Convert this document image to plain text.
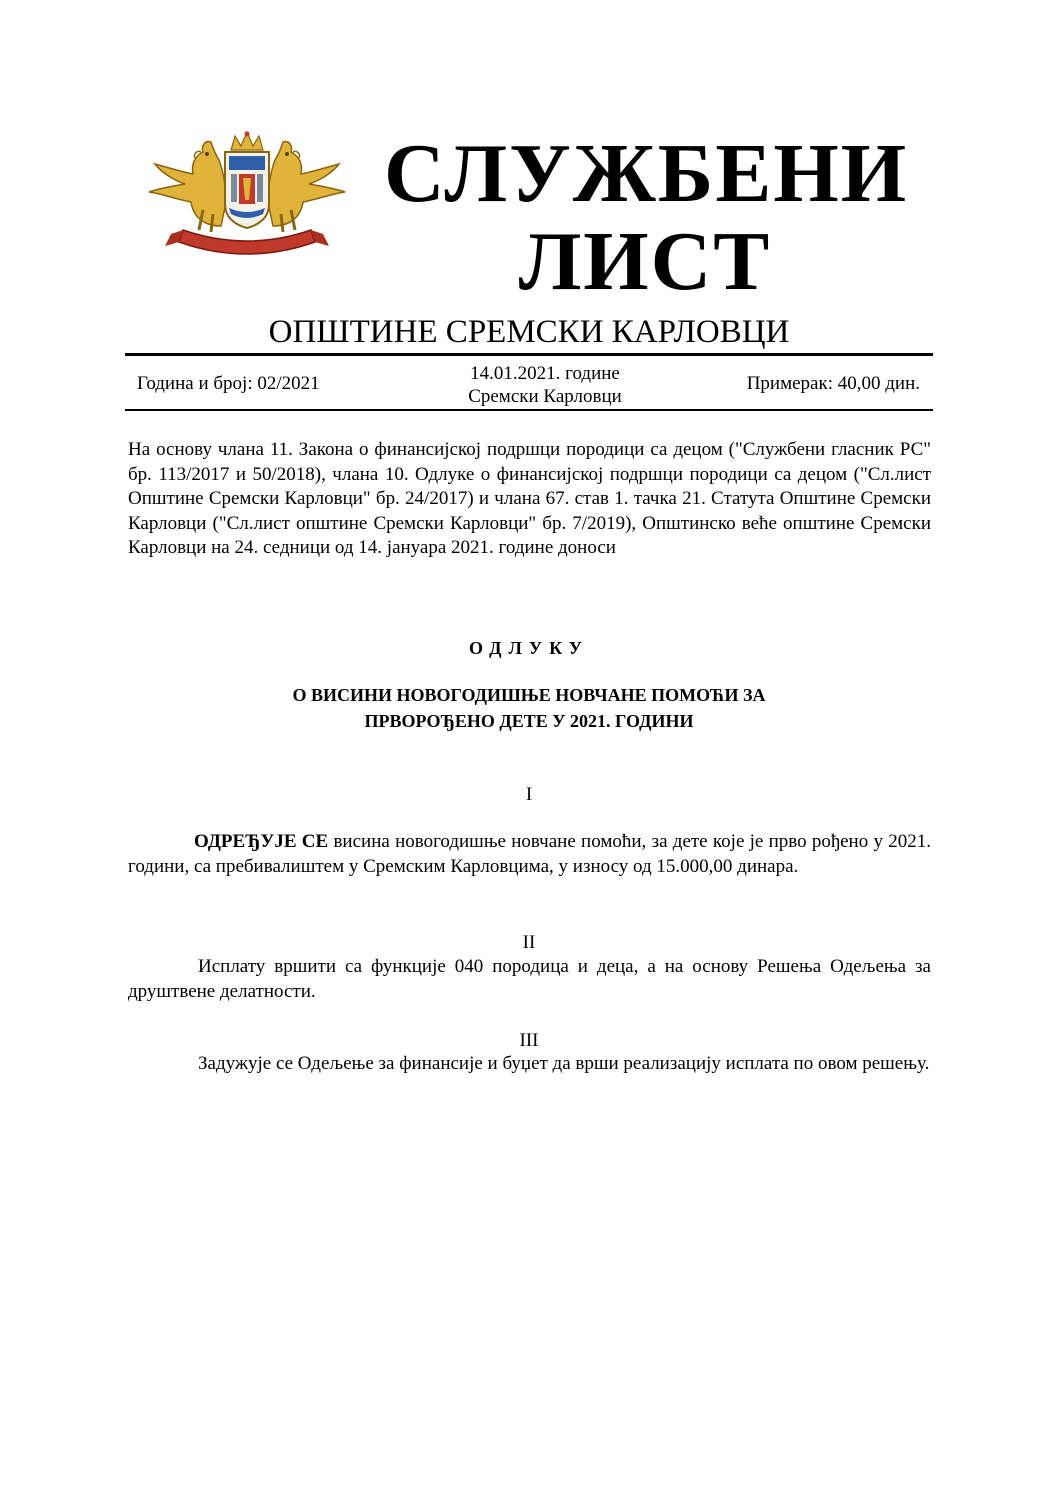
СЛУЖБЕНИ
ЛИСТ
ОПШТИНЕ СРЕМСКИ КАРЛОВЦИ
Година и број: 02/2021	14.01.2021. године
Сремски Карловци
Примерак: 40,00 дин.
На основу члана 11. Закона о финансијској подршци породици са децом ("Службени гласник РС" бр. 113/2017 и 50/2018), члана 10. Одлуке о финансијској подршци породици са децом ("Сл.лист Општине Сремски Карловци" бр. 24/2017) и члана 67. став 1. тачка 21. Статута Општине Сремски Карловци ("Сл.лист општине Сремски Карловци" бр. 7/2019), Општинско веће општине Сремски Карловци на 24. седници од 14. јануара 2021. године доноси
ОДЛУКУ
О ВИСИНИ НОВОГОДИШЊЕ НОВЧАНЕ ПОМОЋИ ЗА
ПРВОРОЂЕНО ДЕТЕ У 2021. ГОДИНИ
I
ОДРЕЂУЈЕ СЕ висина новогодишње новчане помоћи, за дете које је прво рођено у 2021. години, са пребивалиштем у Сремским Карловцима, у износу од 15.000,00 динара.
II
Исплату вршити са функције 040 породица и деца, а на основу Решења Одељења за друштвене делатности.
III
Задужује се Одељење за финансије и буџет да врши реализацију исплата по овом решењу.
